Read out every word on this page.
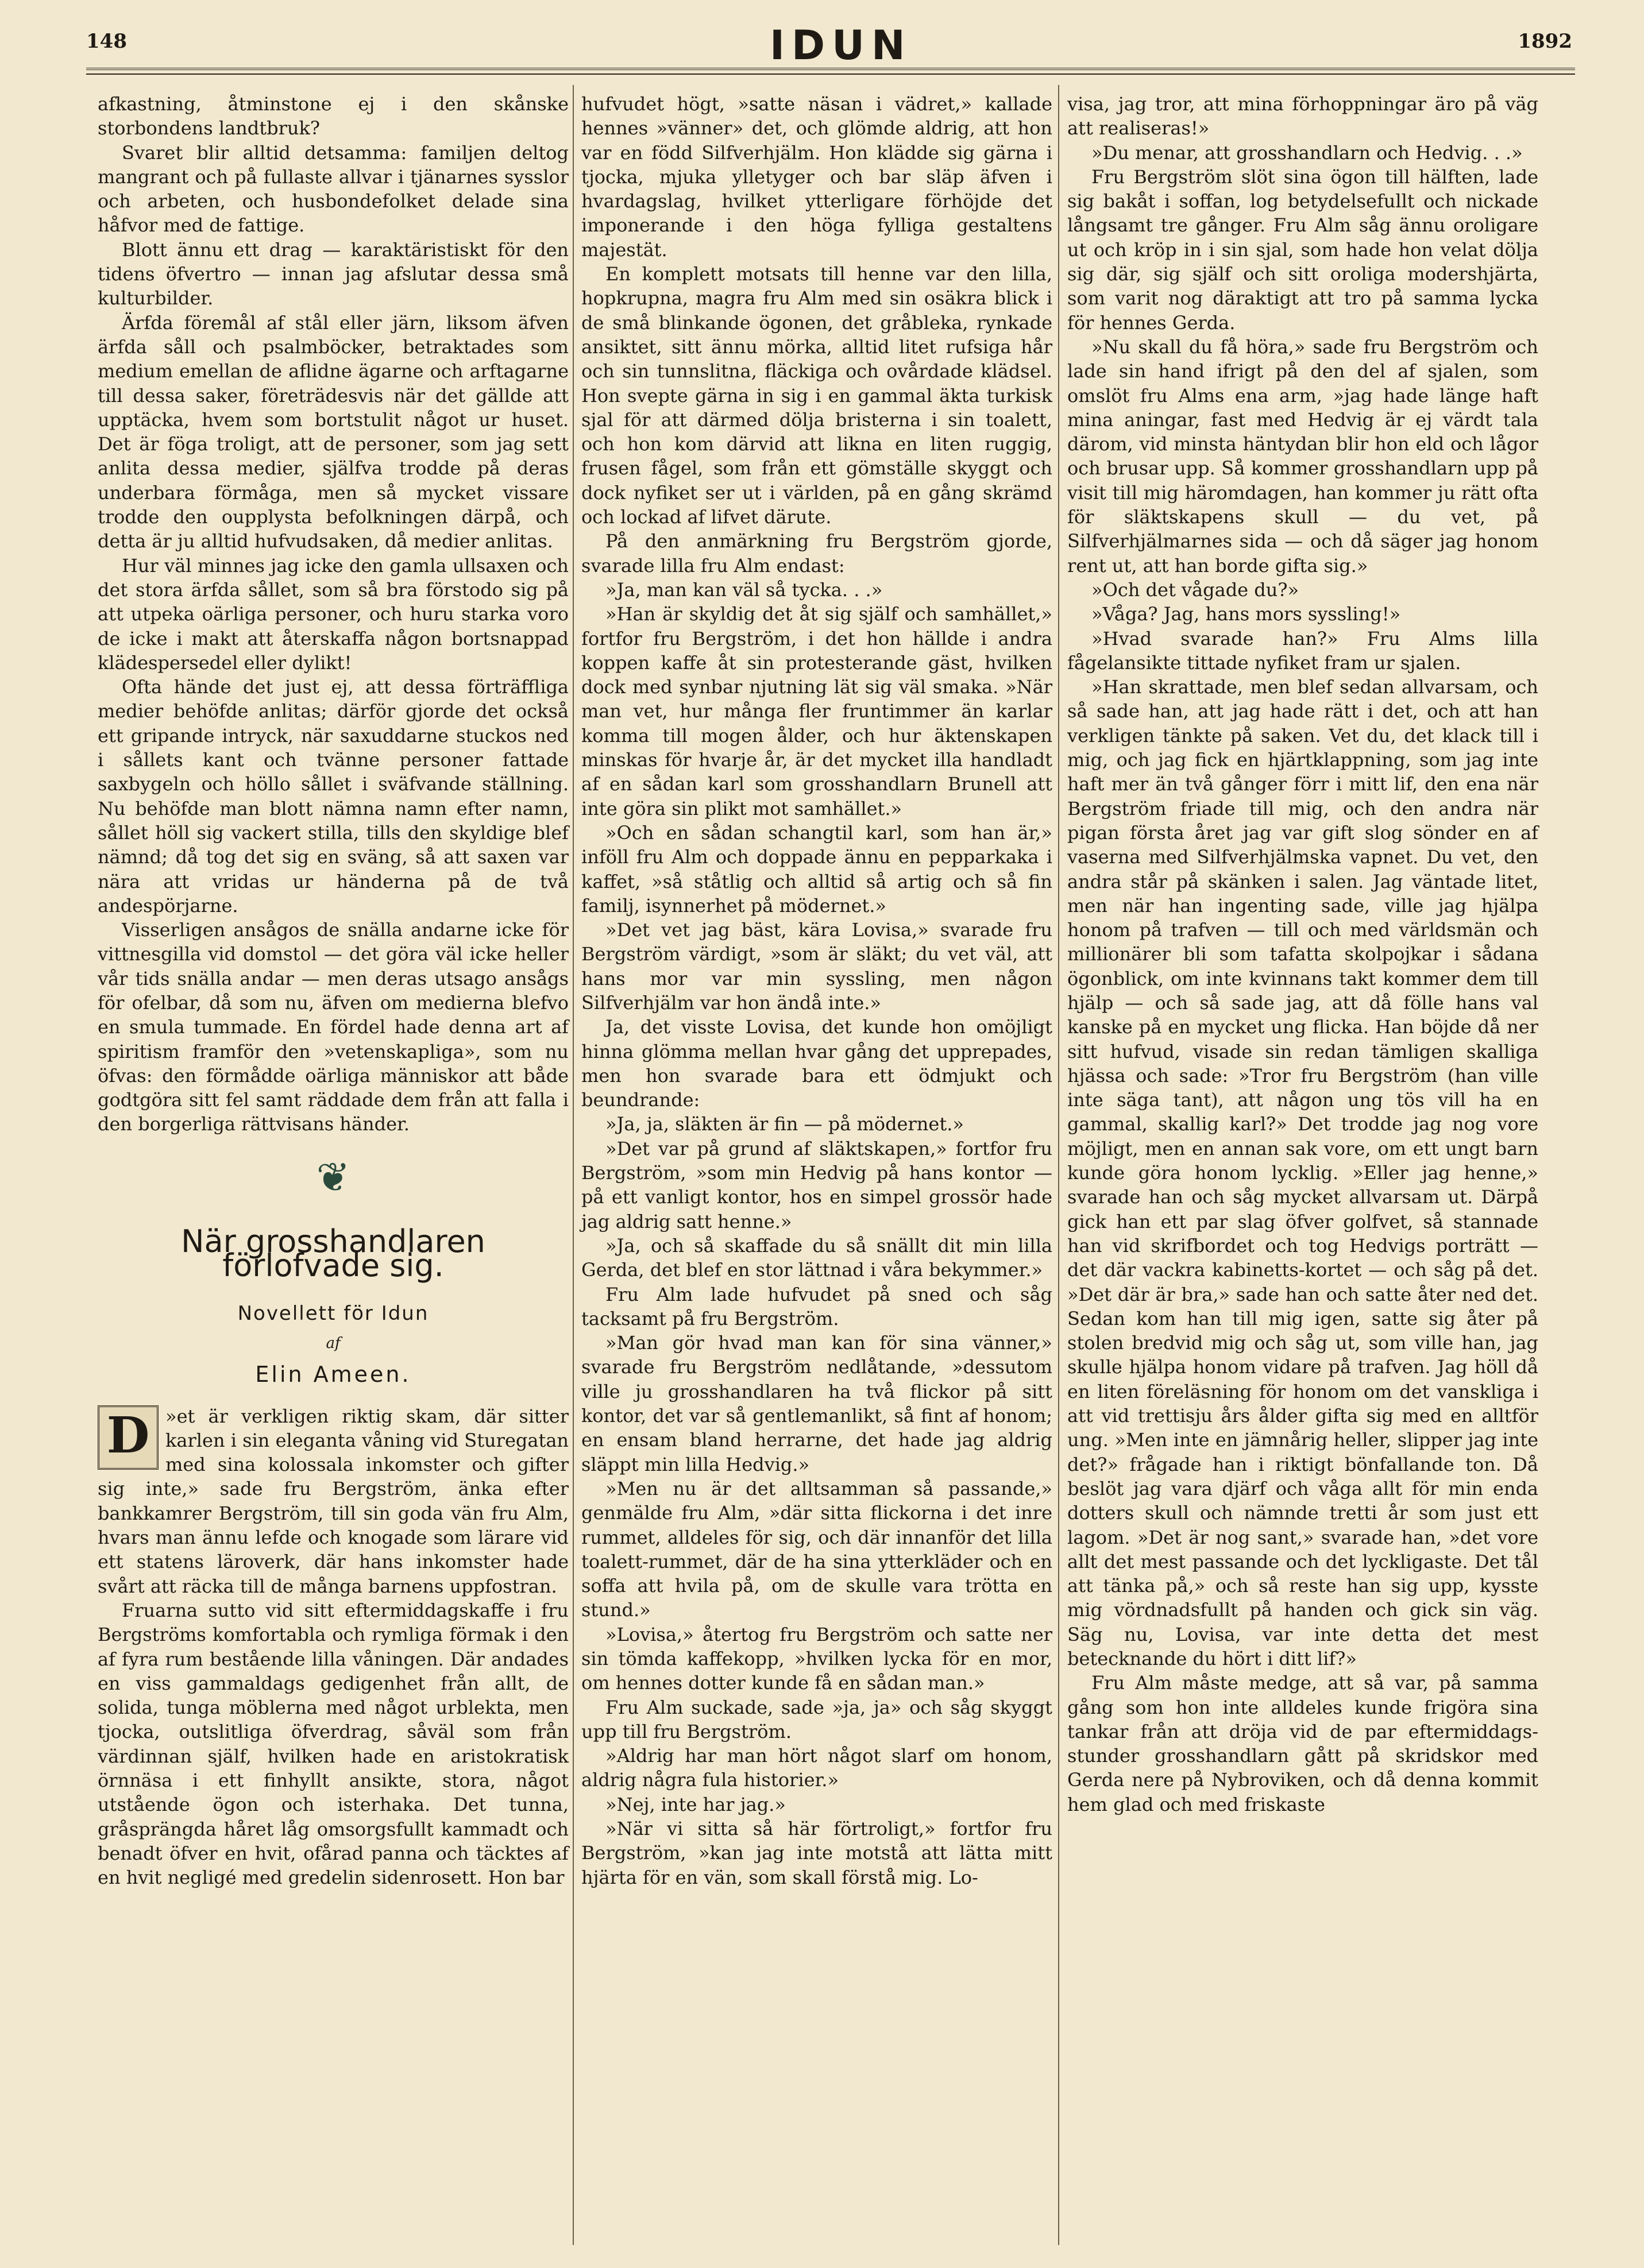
148	IDUN	1892

afkastning, åtminstone ej i den skånske storbondens landtbruk?

Svaret blir alltid detsamma: familjen deltog mangrant och på fullaste allvar i tjänarnes sysslor och arbeten, och husbondefolket delade sina håfvor med de fattige.

Blott ännu ett drag — karaktäristiskt för den tidens öfvertro — innan jag afslutar dessa små kulturbilder.

Ärfda föremål af stål eller järn, liksom äfven ärfda såll och psalmböcker, betraktades som medium emellan de aflidne ägarne och arftagarne till dessa saker, företrädesvis när det gällde att upptäcka, hvem som bortstulit något ur huset. Det är föga troligt, att de personer, som jag sett anlita dessa medier, själfva trodde på deras underbara förmåga, men så mycket vissare trodde den oupplysta befolkningen därpå, och detta är ju alltid hufvudsaken, då medier anlitas.

Hur väl minnes jag icke den gamla ullsaxen och det stora ärfda sållet, som så bra förstodo sig på att utpeka oärliga personer, och huru starka voro de icke i makt att återskaffa någon bortsnappad klädespersedel eller dylikt!

Ofta hände det just ej, att dessa förträffliga medier behöfde anlitas; därför gjorde det också ett gripande intryck, när saxuddarne stuckos ned i sållets kant och tvänne personer fattade saxbygeln och höllo sållet i sväfvande ställning. Nu behöfde man blott nämna namn efter namn, sållet höll sig vackert stilla, tills den skyldige blef nämnd; då tog det sig en sväng, så att saxen var nära att vridas ur händerna på de två andespörjarne.

Visserligen ansågos de snälla andarne icke för vittnesgilla vid domstol — det göra väl icke heller vår tids snälla andar — men deras utsago ansågs för ofelbar, då som nu, äfven om medierna blefvo en smula tummade. En fördel hade denna art af spiritism framför den »vetenskapliga», som nu öfvas: den förmådde oärliga människor att både godtgöra sitt fel samt räddade dem från att falla i den borgerliga rättvisans händer.

❦
När grosshandlaren förlofvade sig.
Novellett för Idun
af
Elin Ameen.

»
D	et är verkligen riktig skam, där sitter karlen i sin eleganta våning vid Sturegatan med sina kolossala inkomster och gifter sig inte,» sade fru Bergström, änka efter bankkamrer Bergström, till sin goda vän fru Alm, hvars man ännu lefde och knogade som lärare vid ett statens läroverk, där hans inkomster hade svårt att räcka till de många barnens uppfostran.

Fruarna sutto vid sitt eftermiddagskaffe i fru Bergströms komfortabla och rymliga förmak i den af fyra rum bestående lilla våningen. Där andades en viss gammaldags gedigenhet från allt, de solida, tunga möblerna med något urblekta, men tjocka, outslitliga öfverdrag, såväl som från värdinnan själf, hvilken hade en aristokratisk örnnäsa i ett finhyllt ansikte, stora, något utstående ögon och isterhaka. Det tunna, gråsprängda håret låg omsorgsfullt kammadt och benadt öfver en hvit, ofårad panna och täcktes af en hvit negligé med gredelin sidenrosett. Hon bar

hufvudet högt, »satte näsan i vädret,» kallade hennes »vänner» det, och glömde aldrig, att hon var en född Silfverhjälm. Hon klädde sig gärna i tjocka, mjuka ylletyger och bar släp äfven i hvardagslag, hvilket ytterligare förhöjde det imponerande i den höga fylliga gestaltens majestät.

En komplett motsats till henne var den lilla, hopkrupna, magra fru Alm med sin osäkra blick i de små blinkande ögonen, det gråbleka, rynkade ansiktet, sitt ännu mörka, alltid litet rufsiga hår och sin tunnslitna, fläckiga och ovårdade klädsel. Hon svepte gärna in sig i en gammal äkta turkisk sjal för att därmed dölja bristerna i sin toalett, och hon kom därvid att likna en liten ruggig, frusen fågel, som från ett gömställe skyggt och dock nyfiket ser ut i världen, på en gång skrämd och lockad af lifvet därute.

På den anmärkning fru Bergström gjorde, svarade lilla fru Alm endast:

»Ja, man kan väl så tycka. . .»

»Han är skyldig det åt sig själf och samhället,» fortfor fru Bergström, i det hon hällde i andra koppen kaffe åt sin protesterande gäst, hvilken dock med synbar njutning lät sig väl smaka. »När man vet, hur många fler fruntimmer än karlar komma till mogen ålder, och hur äktenskapen minskas för hvarje år, är det mycket illa handladt af en sådan karl som grosshandlarn Brunell att inte göra sin plikt mot samhället.»

»Och en sådan schangtil karl, som han är,» inföll fru Alm och doppade ännu en pepparkaka i kaffet, »så ståtlig och alltid så artig och så fin familj, isynnerhet på mödernet.»

»Det vet jag bäst, kära Lovisa,» svarade fru Bergström värdigt, »som är släkt; du vet väl, att hans mor var min syssling, men någon Silfverhjälm var hon ändå inte.»

Ja, det visste Lovisa, det kunde hon omöjligt hinna glömma mellan hvar gång det upprepades, men hon svarade bara ett ödmjukt och beundrande:

»Ja, ja, släkten är fin — på mödernet.»

»Det var på grund af släktskapen,» fortfor fru Bergström, »som min Hedvig på hans kontor — på ett vanligt kontor, hos en simpel grossör hade jag aldrig satt henne.»

»Ja, och så skaffade du så snällt dit min lilla Gerda, det blef en stor lättnad i våra bekymmer.»

Fru Alm lade hufvudet på sned och såg tacksamt på fru Bergström.

»Man gör hvad man kan för sina vänner,» svarade fru Bergström nedlåtande, »dessutom ville ju grosshandlaren ha två flickor på sitt kontor, det var så gentlemanlikt, så fint af honom; en ensam bland herrarne, det hade jag aldrig släppt min lilla Hedvig.»

»Men nu är det alltsamman så passande,» genmälde fru Alm, »där sitta flickorna i det inre rummet, alldeles för sig, och där innanför det lilla toalett-rummet, där de ha sina ytterkläder och en soffa att hvila på, om de skulle vara trötta en stund.»

»Lovisa,» återtog fru Bergström och satte ner sin tömda kaffekopp, »hvilken lycka för en mor, om hennes dotter kunde få en sådan man.»

Fru Alm suckade, sade »ja, ja» och såg skyggt upp till fru Bergström.

»Aldrig har man hört något slarf om honom, aldrig några fula historier.»

»Nej, inte har jag.»

»När vi sitta så här förtroligt,» fortfor fru Bergström, »kan jag inte motstå att lätta mitt hjärta för en vän, som skall förstå mig. Lo-

visa, jag tror, att mina förhoppningar äro på väg att realiseras!»

»Du menar, att grosshandlarn och Hedvig. . .»

Fru Bergström slöt sina ögon till hälften, lade sig bakåt i soffan, log betydelsefullt och nickade långsamt tre gånger. Fru Alm såg ännu oroligare ut och kröp in i sin sjal, som hade hon velat dölja sig där, sig själf och sitt oroliga modershjärta, som varit nog däraktigt att tro på samma lycka för hennes Gerda.

»Nu skall du få höra,» sade fru Bergström och lade sin hand ifrigt på den del af sjalen, som omslöt fru Alms ena arm, »jag hade länge haft mina aningar, fast med Hedvig är ej värdt tala därom, vid minsta häntydan blir hon eld och lågor och brusar upp. Så kommer grosshandlarn upp på visit till mig häromdagen, han kommer ju rätt ofta för släktskapens skull — du vet, på Silfverhjälmarnes sida — och då säger jag honom rent ut, att han borde gifta sig.»

»Och det vågade du?»

»Våga? Jag, hans mors syssling!»

»Hvad svarade han?» Fru Alms lilla fågelansikte tittade nyfiket fram ur sjalen.

»Han skrattade, men blef sedan allvarsam, och så sade han, att jag hade rätt i det, och att han verkligen tänkte på saken. Vet du, det klack till i mig, och jag fick en hjärtklappning, som jag inte haft mer än två gånger förr i mitt lif, den ena när Bergström friade till mig, och den andra när pigan första året jag var gift slog sönder en af vaserna med Silfverhjälmska vapnet. Du vet, den andra står på skänken i salen. Jag väntade litet, men när han ingenting sade, ville jag hjälpa honom på trafven — till och med världsmän och millionärer bli som tafatta skolpojkar i sådana ögonblick, om inte kvinnans takt kommer dem till hjälp — och så sade jag, att då fölle hans val kanske på en mycket ung flicka. Han böjde då ner sitt hufvud, visade sin redan tämligen skalliga hjässa och sade: »Tror fru Bergström (han ville inte säga tant), att någon ung tös vill ha en gammal, skallig karl?» Det trodde jag nog vore möjligt, men en annan sak vore, om ett ungt barn kunde göra honom lycklig. »Eller jag henne,» svarade han och såg mycket allvarsam ut. Därpå gick han ett par slag öfver golfvet, så stannade han vid skrifbordet och tog Hedvigs porträtt — det där vackra kabinetts-kortet — och såg på det. »Det där är bra,» sade han och satte åter ned det. Sedan kom han till mig igen, satte sig åter på stolen bredvid mig och såg ut, som ville han, jag skulle hjälpa honom vidare på trafven. Jag höll då en liten föreläsning för honom om det vanskliga i att vid trettisju års ålder gifta sig med en alltför ung. »Men inte en jämnårig heller, slipper jag inte det?» frågade han i riktigt bönfallande ton. Då beslöt jag vara djärf och våga allt för min enda dotters skull och nämnde tretti år som just ett lagom. »Det är nog sant,» svarade han, »det vore allt det mest passande och det lyckligaste. Det tål att tänka på,» och så reste han sig upp, kysste mig vördnadsfullt på handen och gick sin väg. Säg nu, Lovisa, var inte detta det mest betecknande du hört i ditt lif?»

Fru Alm måste medge, att så var, på samma gång som hon inte alldeles kunde frigöra sina tankar från att dröja vid de par eftermiddags-stunder grosshandlarn gått på skridskor med Gerda nere på Nybroviken, och då denna kommit hem glad och med friskaste
